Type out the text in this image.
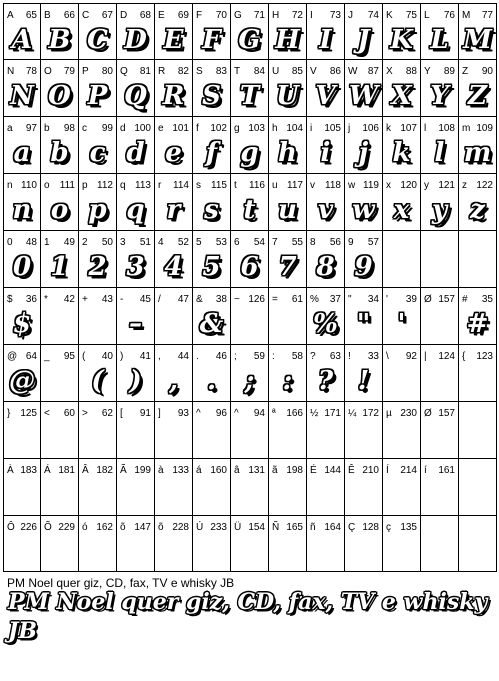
A 65
A
B 66
B
C 67
C
D 68
D
E 69
E
F 70
F
G 71
G
H 72
H
I 73
I
J 74
J
K 75
K
L 76
L
M 77
M
N 78
N
O 79
O
P 80
P
Q 81
Q
R 82
R
S 83
S
T 84
T
U 85
U
V 86
V
W 87
W
X 88
X
Y 89
Y
Z 90
Z
a 97
a
b 98
b
c 99
c
d 100
d
e 101
e
f 102
f
g 103
g
h 104
h
i 105
i
j 106
j
k 107
k
l 108
l
m 109
m
n 110
n
o 111
o
p 112
p
q 113
q
r 114
r
s 115
s
t 116
t
u 117
u
v 118
v
w 119
w
x 120
x
y 121
y
z 122
z
0 48
0
1 49
1
2 50
2
3 51
3
4 52
4
5 53
5
6 54
6
7 55
7
8 56
8
9 57
9
$ 36
$
* 42 + 43 - 45
–
/ 47 & 38
&
~ 126 = 61 % 37
%
" 34
"
' 39
'
Ø 157 # 35
#
@ 64
@
_ 95 ( 40
(
) 41
)
, 44
,
. 46
.
; 59
;
: 58
:
? 63
?
! 33
!
\ 92 | 124 { 123
} 125 < 60 > 62 [ 91 ] 93 ^ 96 ^ 94 ª 166 ½ 171 ¼ 172 µ 230 Ø 157
À 183 Á 181 Â 182 Ã 199 à 133 á 160 â 131 ã 198 É 144 Ê 210 Í 214 í 161
Ô 226 Õ 229 ó 162 õ 147 õ 228 Ú 233 Ü 154 Ñ 165 ñ 164 Ç 128 ç 135
PM Noel quer giz, CD, fax, TV e whisky JB
PM Noel quer giz, CD, fax, TV e whisky JB
